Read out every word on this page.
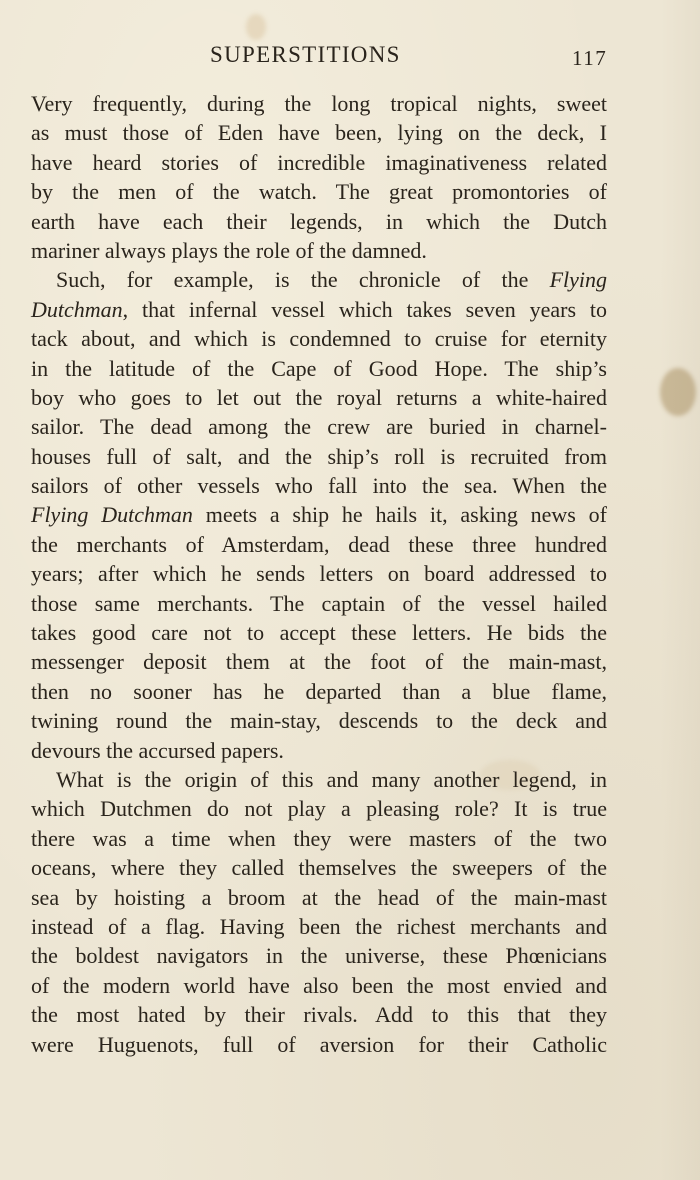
SUPERSTITIONS	117
Very frequently, during the long tropical nights, sweet
as must those of Eden have been, lying on the deck, I
have heard stories of incredible imaginativeness related
by the men of the watch. The great promontories of
earth have each their legends, in which the Dutch
mariner always plays the role of the damned.
Such, for example, is the chronicle of the Flying
Dutchman, that infernal vessel which takes seven years to
tack about, and which is condemned to cruise for eternity
in the latitude of the Cape of Good Hope. The ship’s
boy who goes to let out the royal returns a white-haired
sailor. The dead among the crew are buried in charnel-
houses full of salt, and the ship’s roll is recruited from
sailors of other vessels who fall into the sea. When the
Flying Dutchman meets a ship he hails it, asking news of
the merchants of Amsterdam, dead these three hundred
years; after which he sends letters on board addressed to
those same merchants. The captain of the vessel hailed
takes good care not to accept these letters. He bids the
messenger deposit them at the foot of the main-mast,
then no sooner has he departed than a blue flame,
twining round the main-stay, descends to the deck and
devours the accursed papers.
What is the origin of this and many another legend, in
which Dutchmen do not play a pleasing role? It is true
there was a time when they were masters of the two
oceans, where they called themselves the sweepers of the
sea by hoisting a broom at the head of the main-mast
instead of a flag. Having been the richest merchants and
the boldest navigators in the universe, these Phœnicians
of the modern world have also been the most envied and
the most hated by their rivals. Add to this that they
were Huguenots, full of aversion for their Catholic
